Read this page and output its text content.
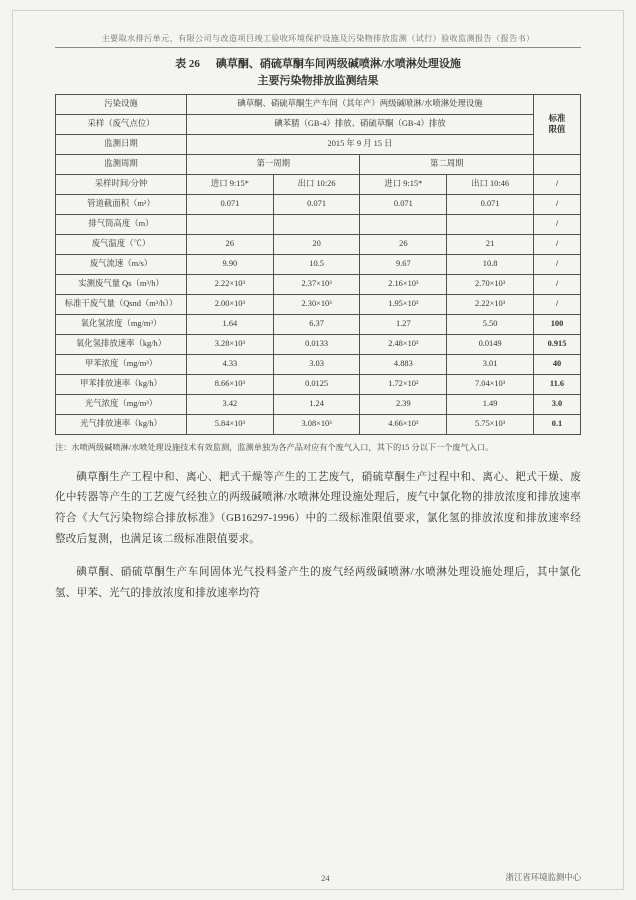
主要取水排污单元、有限公司与改造项目竣工验收环境保护设施及污染物排放监测（试行）验收监测报告（报告书）
表 26 碘草酮、硝硫草酮车间两级碱喷淋/水喷淋处理设施
主要污染物排放监测结果
污染设施	碘草酮、硝硫草酮生产车间（其年产）两级碱喷淋/水喷淋处理设施				标准
限值

采样（废气点位）	碘苯腈（GB-4）排放、硝硫草酮（GB-4）排放				
监测日期	2015 年 9 月 15 日				
监测周期	第一周期		第二周期		
采样时间/分钟	进口 9:15*	出口 10:26	进口 9:15*	出口 10:46	/
管道截面积（m²）	0.071	0.071	0.071	0.071	/
排气筒高度（m）					/
废气温度（℃）	26	20	26	21	/
废气流速（m/s）	9.90	10.5	9.67	10.8	/
实测废气量 Qs（m³/h）	2.22×10³	2.37×10³	2.16×10³	2.70×10³	/
标准干废气量（Qsnd（m³/h））	2.00×10³	2.30×10³	1.95×10³	2.22×10³	/
氧化氢浓度（mg/m³）	1.64	6.37	1.27	5.50	100
氧化氢排放速率（kg/h）	3.28×10³	0.0133	2.48×10³	0.0149	0.915
甲苯浓度（mg/m³）	4.33	3.03	4.883	3.01	40
甲苯排放速率（kg/h）	8.66×10³	0.0125	1.72×10²	7.04×10³	11.6
光气浓度（mg/m³）	3.42	1.24	2.39	1.49	3.0
光气排放速率（kg/h）	5.84×10³	3.08×10³	4.66×10³	5.75×10³	0.1
注：水喷两级碱喷淋/水喷处理设施技术有效监测，监测单独为各产品对应有个废气入口，其下的15 分以下一个废气入口。
碘草酮生产工程中和、离心、耙式干燥等产生的工艺废气，硝硫草酮生产过程中和、离心、耙式干燥、废化中转器等产生的工艺废气经独立的两级碱喷淋/水喷淋处理设施处理后，废气中氯化物的排放浓度和排放速率符合《大气污染物综合排放标准》（GB16297-1996）中的二级标准限值要求，氯化氢的排放浓度和排放速率经整改后复测，也满足该二级标准限值要求。
碘草酮、硝硫草酮生产车间固体光气投料釜产生的废气经两级碱喷淋/水喷淋处理设施处理后，其中氯化氢、甲苯、光气的排放浓度和排放速率均符
24	浙江省环境监测中心
